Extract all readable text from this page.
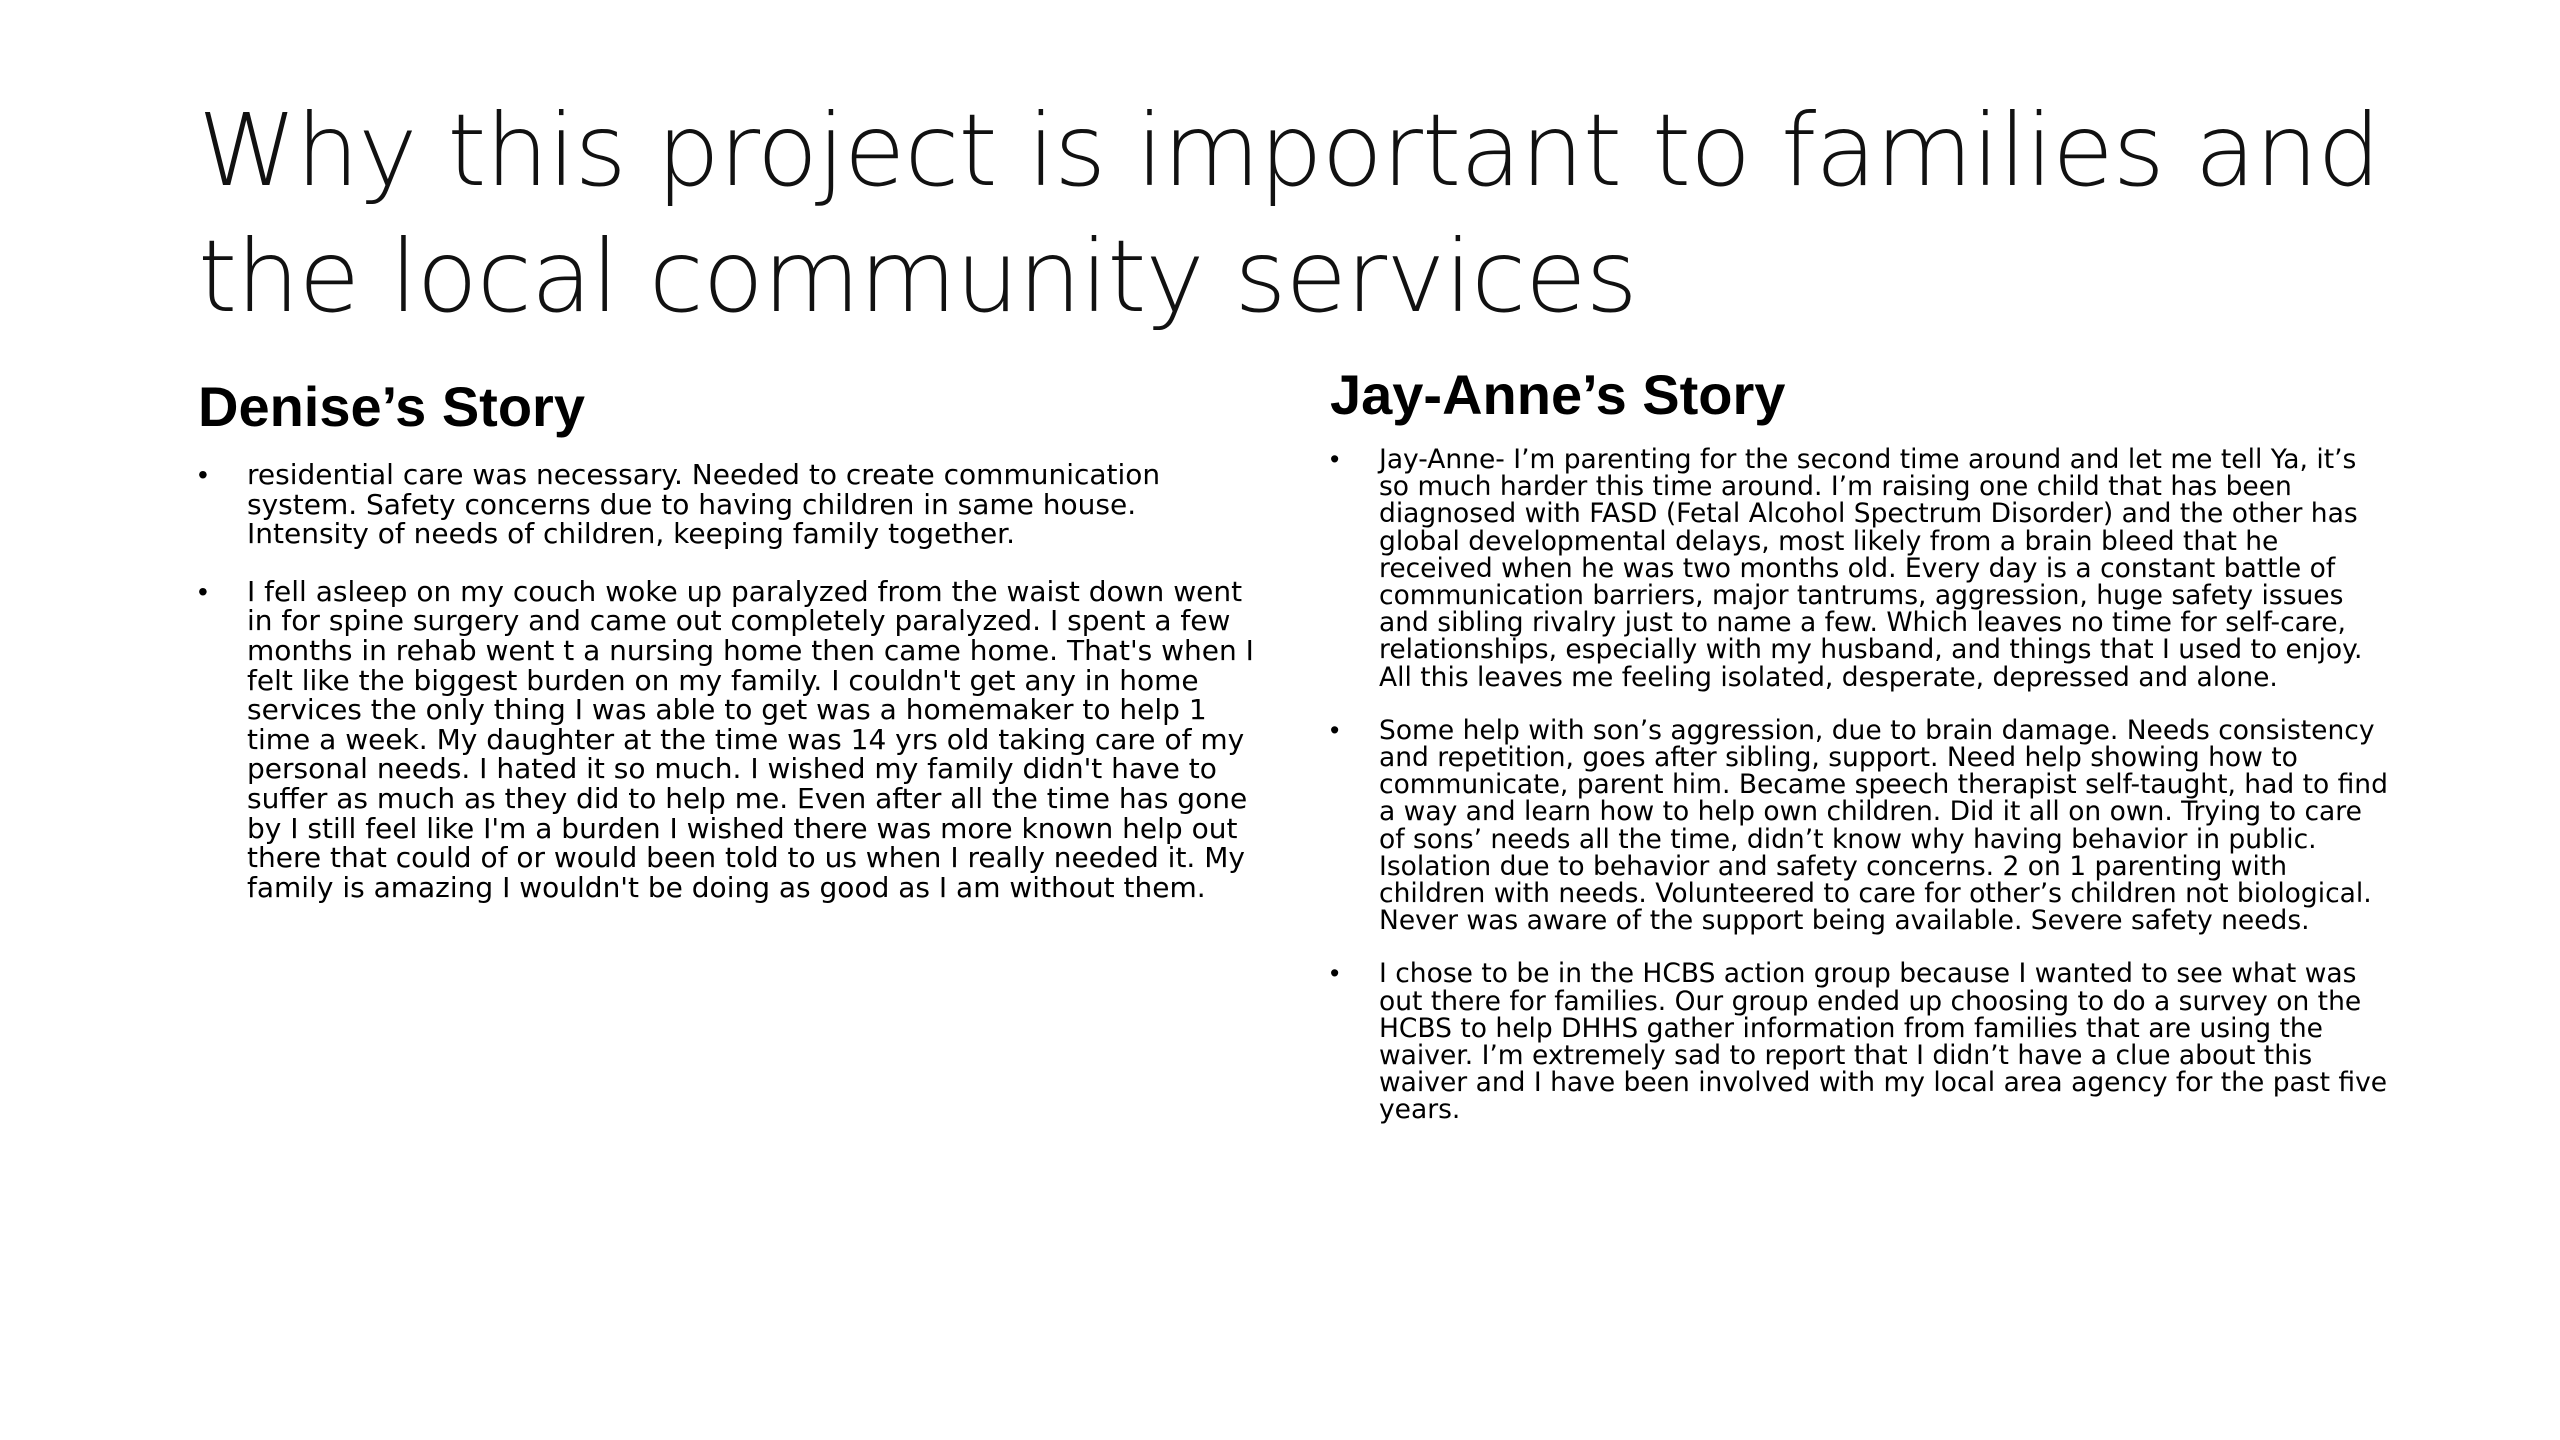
Why this project is important to families and the local community services
Denise’s Story
• residential care was necessary. Needed to create communication system. Safety concerns due to having children in same house. Intensity of needs of children, keeping family together.
• I fell asleep on my couch woke up paralyzed from the waist down went in for spine surgery and came out completely paralyzed. I spent a few months in rehab went t a nursing home then came home. That's when I felt like the biggest burden on my family. I couldn't get any in home services the only thing I was able to get was a homemaker to help 1 time a week. My daughter at the time was 14 yrs old taking care of my personal needs. I hated it so much. I wished my family didn't have to suffer as much as they did to help me. Even after all the time has gone by I still feel like I'm a burden I wished there was more known help out there that could of or would been told to us when I really needed it. My family is amazing I wouldn't be doing as good as I am without them.
Jay-Anne’s Story
• Jay-Anne- I’m parenting for the second time around and let me tell Ya, it’s so much harder this time around. I’m raising one child that has been diagnosed with FASD (Fetal Alcohol Spectrum Disorder) and the other has global developmental delays, most likely from a brain bleed that he received when he was two months old. Every day is a constant battle of communication barriers, major tantrums, aggression, huge safety issues and sibling rivalry just to name a few. Which leaves no time for self-care, relationships, especially with my husband, and things that I used to enjoy. All this leaves me feeling isolated, desperate, depressed and alone.
• Some help with son’s aggression, due to brain damage. Needs consistency and repetition, goes after sibling, support. Need help showing how to communicate, parent him. Became speech therapist self-taught, had to find a way and learn how to help own children. Did it all on own. Trying to care of sons’ needs all the time, didn’t know why having behavior in public. Isolation due to behavior and safety concerns. 2 on 1 parenting with children with needs. Volunteered to care for other’s children not biological. Never was aware of the support being available. Severe safety needs.
• I chose to be in the HCBS action group because I wanted to see what was out there for families. Our group ended up choosing to do a survey on the HCBS to help DHHS gather information from families that are using the waiver. I’m extremely sad to report that I didn’t have a clue about this waiver and I have been involved with my local area agency for the past five years.
